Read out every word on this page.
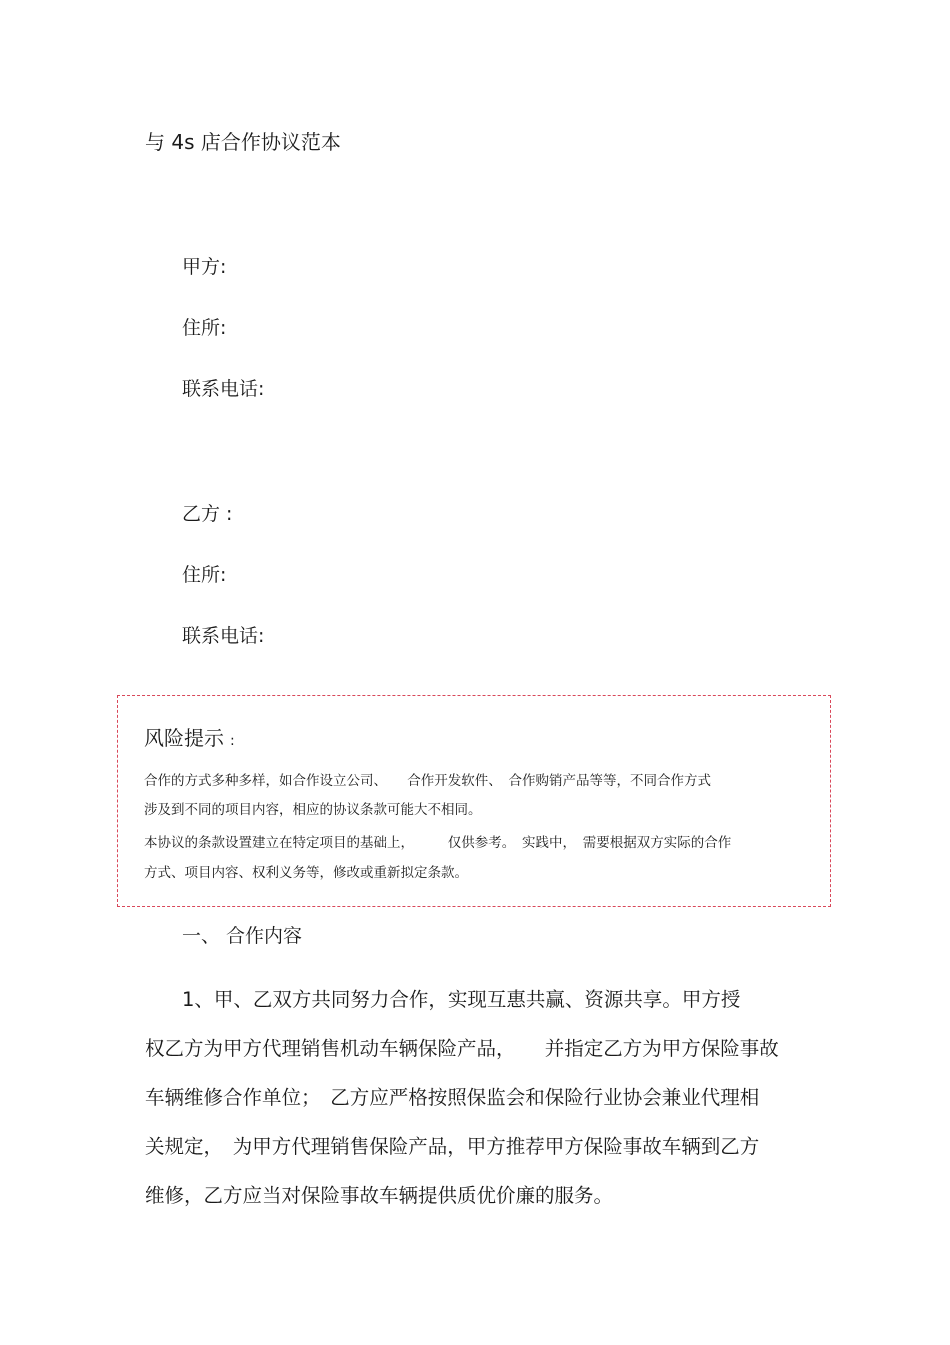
与 4s 店合作协议范本
甲方:
住所:
联系电话:
乙方 :
住所:
联系电话:
风险提示 :
合作的方式多种多样，如合作设立公司、　　合作开发软件、　合作购销产品等等，不同合作方式
涉及到不同的项目内容，相应的协议条款可能大不相同。
本协议的条款设置建立在特定项目的基础上，　　　仅供参考。　实践中，　需要根据双方实际的合作
方式、项目内容、权利义务等，修改或重新拟定条款。
一、 合作内容
1、甲、乙双方共同努力合作，实现互惠共赢、资源共享。甲方授
权乙方为甲方代理销售机动车辆保险产品，　　并指定乙方为甲方保险事故
车辆维修合作单位；　乙方应严格按照保监会和保险行业协会兼业代理相
关规定，　为甲方代理销售保险产品，甲方推荐甲方保险事故车辆到乙方
维修，乙方应当对保险事故车辆提供质优价廉的服务。
